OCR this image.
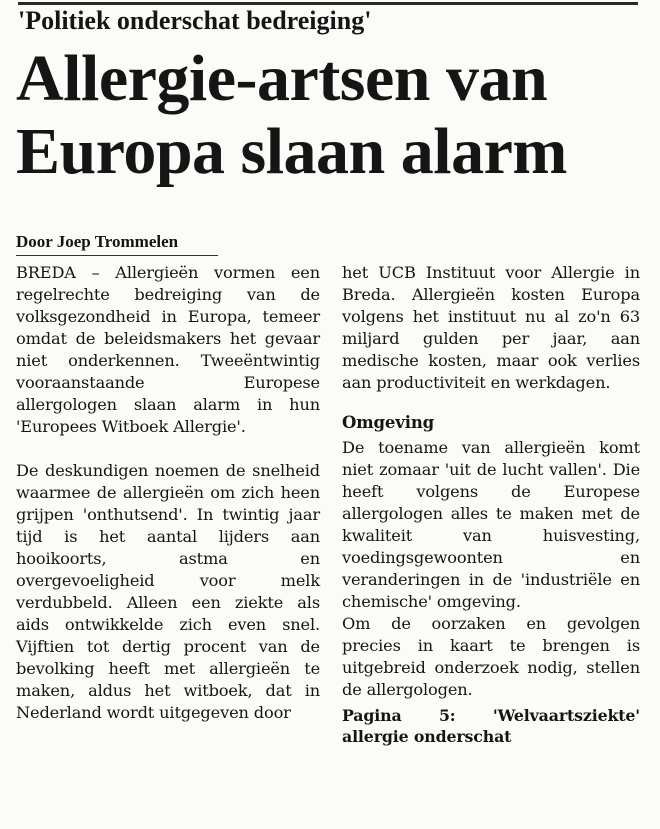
'Politiek onderschat bedreiging'
Allergie-artsen van
Europa slaan alarm
Door Joep Trommelen

BREDA – Allergieën vormen een regelrechte bedreiging van de volksgezondheid in Europa, temeer omdat de beleidsmakers het gevaar niet onderkennen. Tweeëntwintig vooraanstaande Europese allergologen slaan alarm in hun 'Europees Witboek Allergie'.

De deskundigen noemen de snelheid waarmee de allergieën om zich heen grijpen 'onthutsend'. In twintig jaar tijd is het aantal lijders aan hooikoorts, astma en overgevoeligheid voor melk verdubbeld. Alleen een ziekte als aids ontwikkelde zich even snel. Vijftien tot dertig procent van de bevolking heeft met allergieën te maken, aldus het witboek, dat in Nederland wordt uitgegeven door

het UCB Instituut voor Allergie in Breda. Allergieën kosten Europa volgens het instituut nu al zo'n 63 miljard gulden per jaar, aan medische kosten, maar ook verlies aan productiviteit en werkdagen.

Omgeving

De toename van allergieën komt niet zomaar 'uit de lucht vallen'. Die heeft volgens de Europese allergologen alles te maken met de kwaliteit van huisvesting, voedingsgewoonten en veranderingen in de 'industriële en chemische' omgeving.

Om de oorzaken en gevolgen precies in kaart te brengen is uitgebreid onderzoek nodig, stellen de allergologen.

Pagina 5: 'Welvaartsziekte' allergie onderschat
